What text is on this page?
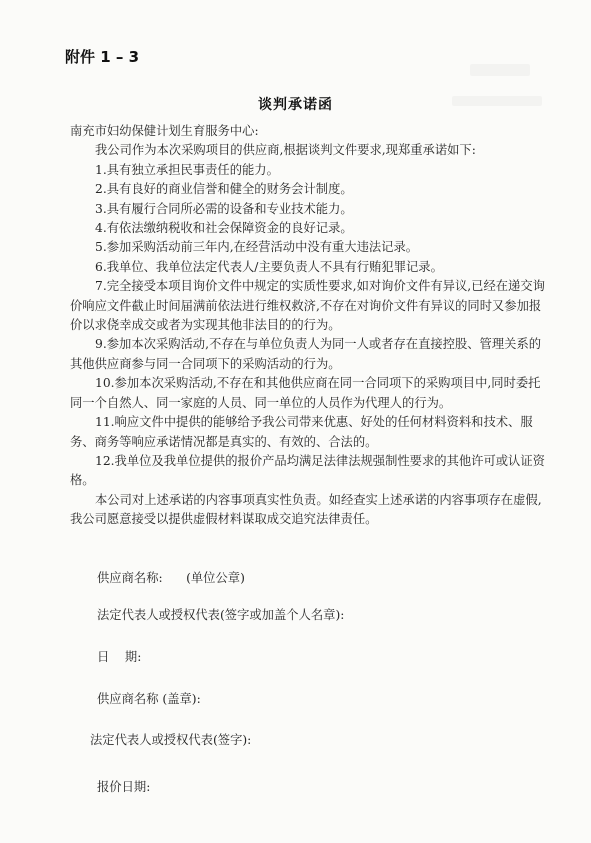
附件 1 – 3
谈判承诺函

南充市妇幼保健计划生育服务中心:

我公司作为本次采购项目的供应商,根据谈判文件要求,现郑重承诺如下:

1.具有独立承担民事责任的能力。

2.具有良好的商业信誉和健全的财务会计制度。

3.具有履行合同所必需的设备和专业技术能力。

4.有依法缴纳税收和社会保障资金的良好记录。

5.参加采购活动前三年内,在经营活动中没有重大违法记录。

6.我单位、我单位法定代表人/主要负责人不具有行贿犯罪记录。

7.完全接受本项目询价文件中规定的实质性要求,如对询价文件有异议,已经在递交询价响应文件截止时间届满前依法进行维权救济,不存在对询价文件有异议的同时又参加报价以求侥幸成交或者为实现其他非法目的的行为。

9.参加本次采购活动,不存在与单位负责人为同一人或者存在直接控股、管理关系的其他供应商参与同一合同项下的采购活动的行为。

10.参加本次采购活动,不存在和其他供应商在同一合同项下的采购项目中,同时委托同一个自然人、同一家庭的人员、同一单位的人员作为代理人的行为。

11.响应文件中提供的能够给予我公司带来优惠、好处的任何材料资料和技术、服务、商务等响应承诺情况都是真实的、有效的、合法的。

12.我单位及我单位提供的报价产品均满足法律法规强制性要求的其他许可或认证资格。

本公司对上述承诺的内容事项真实性负责。如经查实上述承诺的内容事项存在虚假,我公司愿意接受以提供虚假材料谋取成交追究法律责任。

供应商名称:      (单位公章)
法定代表人或授权代表(签字或加盖个人名章):
日    期:
供应商名称 (盖章):
法定代表人或授权代表(签字):
报价日期:
